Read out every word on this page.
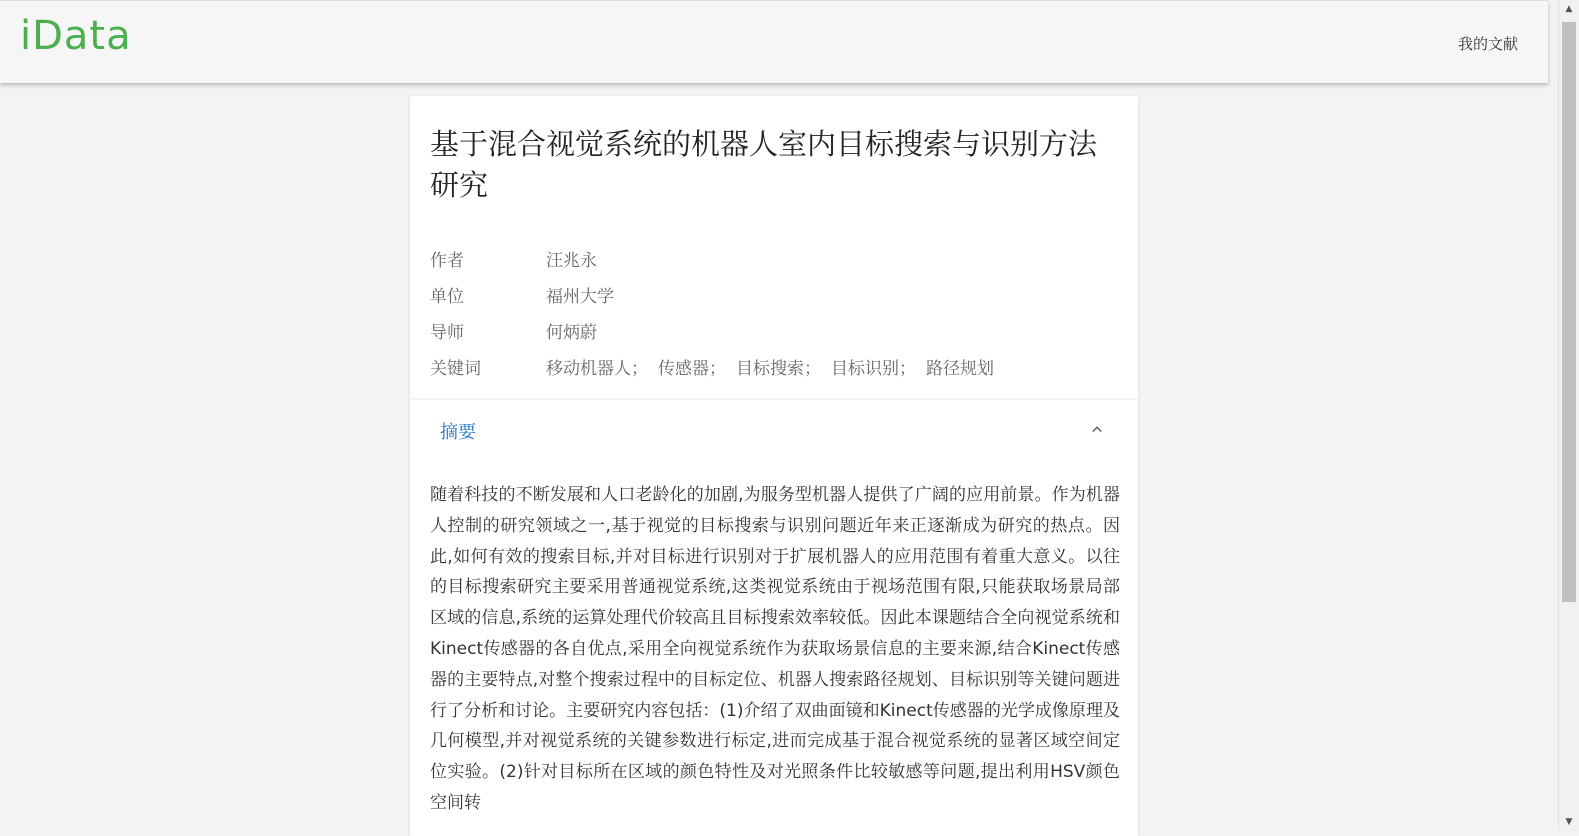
iData	我的文献
▲
▼
基于混合视觉系统的机器人室内目标搜索与识别方法研究
作者	汪兆永
单位	福州大学
导师	何炳蔚
关键词	移动机器人； 传感器； 目标搜索； 目标识别； 路径规划
摘要

随着科技的不断发展和人口老龄化的加剧,为服务型机器人提供了广阔的应用前景。作为机器人控制的研究领域之一,基于视觉的目标搜索与识别问题近年来正逐渐成为研究的热点。因此,如何有效的搜索目标,并对目标进行识别对于扩展机器人的应用范围有着重大意义。以往的目标搜索研究主要采用普通视觉系统,这类视觉系统由于视场范围有限,只能获取场景局部区域的信息,系统的运算处理代价较高且目标搜索效率较低。因此本课题结合全向视觉系统和Kinect传感器的各自优点,采用全向视觉系统作为获取场景信息的主要来源,结合Kinect传感器的主要特点,对整个搜索过程中的目标定位、机器人搜索路径规划、目标识别等关键问题进行了分析和讨论。主要研究内容包括：(1)介绍了双曲面镜和Kinect传感器的光学成像原理及几何模型,并对视觉系统的关键参数进行标定,进而完成基于混合视觉系统的显著区域空间定位实验。(2)针对目标所在区域的颜色特性及对光照条件比较敏感等问题,提出利用HSV颜色空间转
